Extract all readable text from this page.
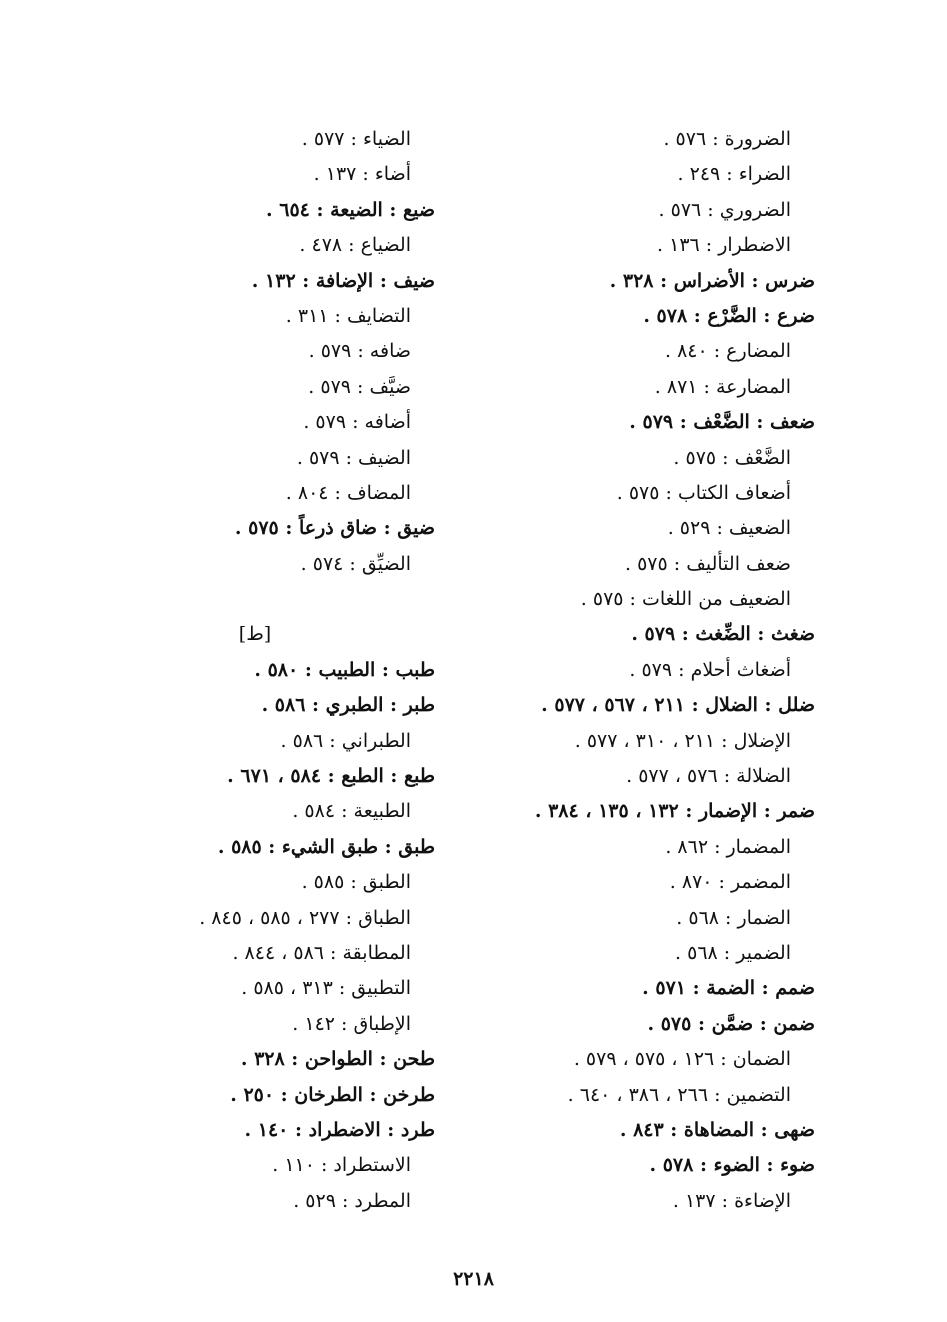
الضرورة : ٥٧٦ .
الضراء : ٢٤٩ .
الضروري : ٥٧٦ .
الاضطرار : ١٣٦ .
ضرس : الأضراس : ٣٢٨ .
ضرع : الضَّرْع : ٥٧٨ .
المضارع : ٨٤٠ .
المضارعة : ٨٧١ .
ضعف : الضَّعْف : ٥٧٩ .
الضَّعْف : ٥٧٥ .
أضعاف الكتاب : ٥٧٥ .
الضعيف : ٥٢٩ .
ضعف التأليف : ٥٧٥ .
الضعيف من اللغات : ٥٧٥ .
ضغث : الضِّغث : ٥٧٩ .
أضغاث أحلام : ٥٧٩ .
ضلل : الضلال : ٢١١ ، ٥٦٧ ، ٥٧٧ .
الإضلال : ٢١١ ، ٣١٠ ، ٥٧٧ .
الضلالة : ٥٧٦ ، ٥٧٧ .
ضمر : الإضمار : ١٣٢ ، ١٣٥ ، ٣٨٤ .
المضمار : ٨٦٢ .
المضمر : ٨٧٠ .
الضمار : ٥٦٨ .
الضمير : ٥٦٨ .
ضمم : الضمة : ٥٧١ .
ضمن : ضمَّن : ٥٧٥ .
الضمان : ١٢٦ ، ٥٧٥ ، ٥٧٩ .
التضمين : ٢٦٦ ، ٣٨٦ ، ٦٤٠ .
ضهى : المضاهاة : ٨٤٣ .
ضوء : الضوء : ٥٧٨ .
الإضاءة : ١٣٧ .
الضياء : ٥٧٧ .
أضاء : ١٣٧ .
ضيع : الضيعة : ٦٥٤ .
الضياع : ٤٧٨ .
ضيف : الإضافة : ١٣٢ .
التضايف : ٣١١ .
ضافه : ٥٧٩ .
ضيَّف : ٥٧٩ .
أضافه : ٥٧٩ .
الضيف : ٥٧٩ .
المضاف : ٨٠٤ .
ضيق : ضاق ذرعاً : ٥٧٥ .
الضيِّق : ٥٧٤ .
[ط]
طبب : الطبيب : ٥٨٠ .
طبر : الطبري : ٥٨٦ .
الطبراني : ٥٨٦ .
طبع : الطبع : ٥٨٤ ، ٦٧١ .
الطبيعة : ٥٨٤ .
طبق : طبق الشيء : ٥٨٥ .
الطبق : ٥٨٥ .
الطباق : ٢٧٧ ، ٥٨٥ ، ٨٤٥ .
المطابقة : ٥٨٦ ، ٨٤٤ .
التطبيق : ٣١٣ ، ٥٨٥ .
الإطباق : ١٤٢ .
طحن : الطواحن : ٣٢٨ .
طرخن : الطرخان : ٢٥٠ .
طرد : الاضطراد : ١٤٠ .
الاستطراد : ١١٠ .
المطرد : ٥٢٩ .
٢٢١٨
